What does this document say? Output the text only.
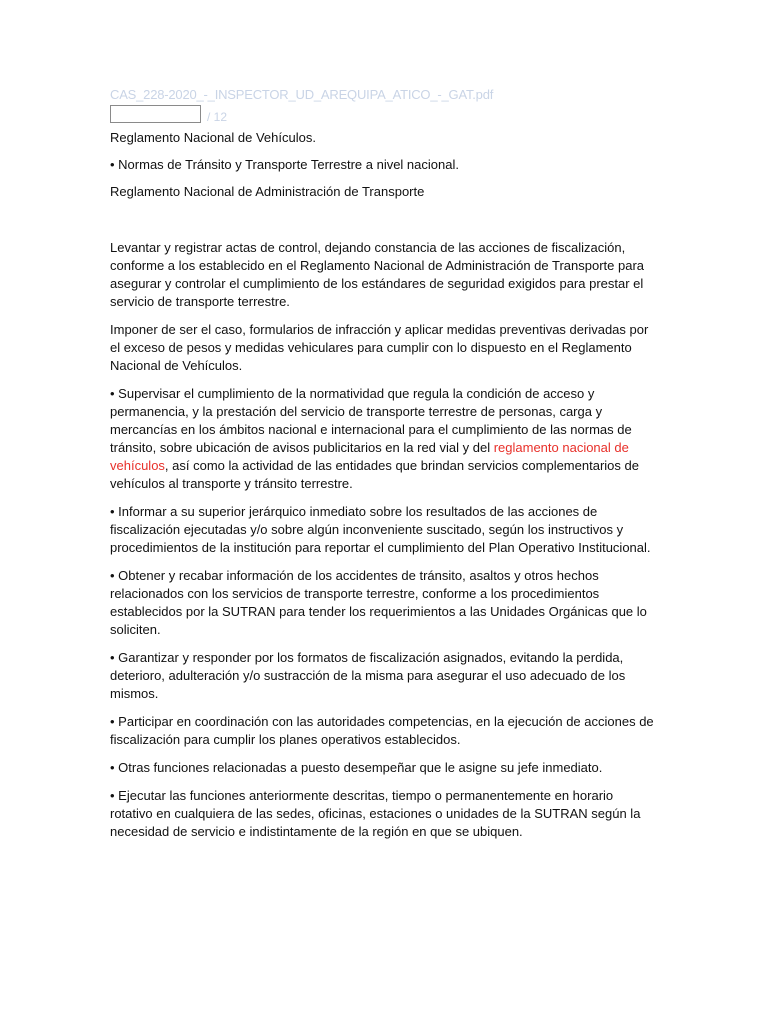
CAS_228-2020_-_INSPECTOR_UD_AREQUIPA_ATICO_-_GAT.pdf
/ 12

Reglamento Nacional de Vehículos.

• Normas de Tránsito y Transporte Terrestre a nivel nacional.

Reglamento Nacional de Administración de Transporte

Levantar y registrar actas de control, dejando constancia de las acciones de fiscalización, conforme a los establecido en el Reglamento Nacional de Administración de Transporte para asegurar y controlar el cumplimiento de los estándares de seguridad exigidos para prestar el servicio de transporte terrestre.

Imponer de ser el caso, formularios de infracción y aplicar medidas preventivas derivadas por el exceso de pesos y medidas vehiculares para cumplir con lo dispuesto en el Reglamento Nacional de Vehículos.

• Supervisar el cumplimiento de la normatividad que regula la condición de acceso y permanencia, y la prestación del servicio de transporte terrestre de personas, carga y mercancías en los ámbitos nacional e internacional para el cumplimiento de las normas de tránsito, sobre ubicación de avisos publicitarios en la red vial y del reglamento nacional de vehículos, así como la actividad de las entidades que brindan servicios complementarios de vehículos al transporte y tránsito terrestre.

• Informar a su superior jerárquico inmediato sobre los resultados de las acciones de fiscalización ejecutadas y/o sobre algún inconveniente suscitado, según los instructivos y procedimientos de la institución para reportar el cumplimiento del Plan Operativo Institucional.

• Obtener y recabar información de los accidentes de tránsito, asaltos y otros hechos relacionados con los servicios de transporte terrestre, conforme a los procedimientos establecidos por la SUTRAN para tender los requerimientos a las Unidades Orgánicas que lo soliciten.

• Garantizar y responder por los formatos de fiscalización asignados, evitando la perdida, deterioro, adulteración y/o sustracción de la misma para asegurar el uso adecuado de los mismos.

• Participar en coordinación con las autoridades competencias, en la ejecución de acciones de fiscalización para cumplir los planes operativos establecidos.

• Otras funciones relacionadas a puesto desempeñar que le asigne su jefe inmediato.

• Ejecutar las funciones anteriormente descritas, tiempo o permanentemente en horario rotativo en cualquiera de las sedes, oficinas, estaciones o unidades de la SUTRAN según la necesidad de servicio e indistintamente de la región en que se ubiquen.
